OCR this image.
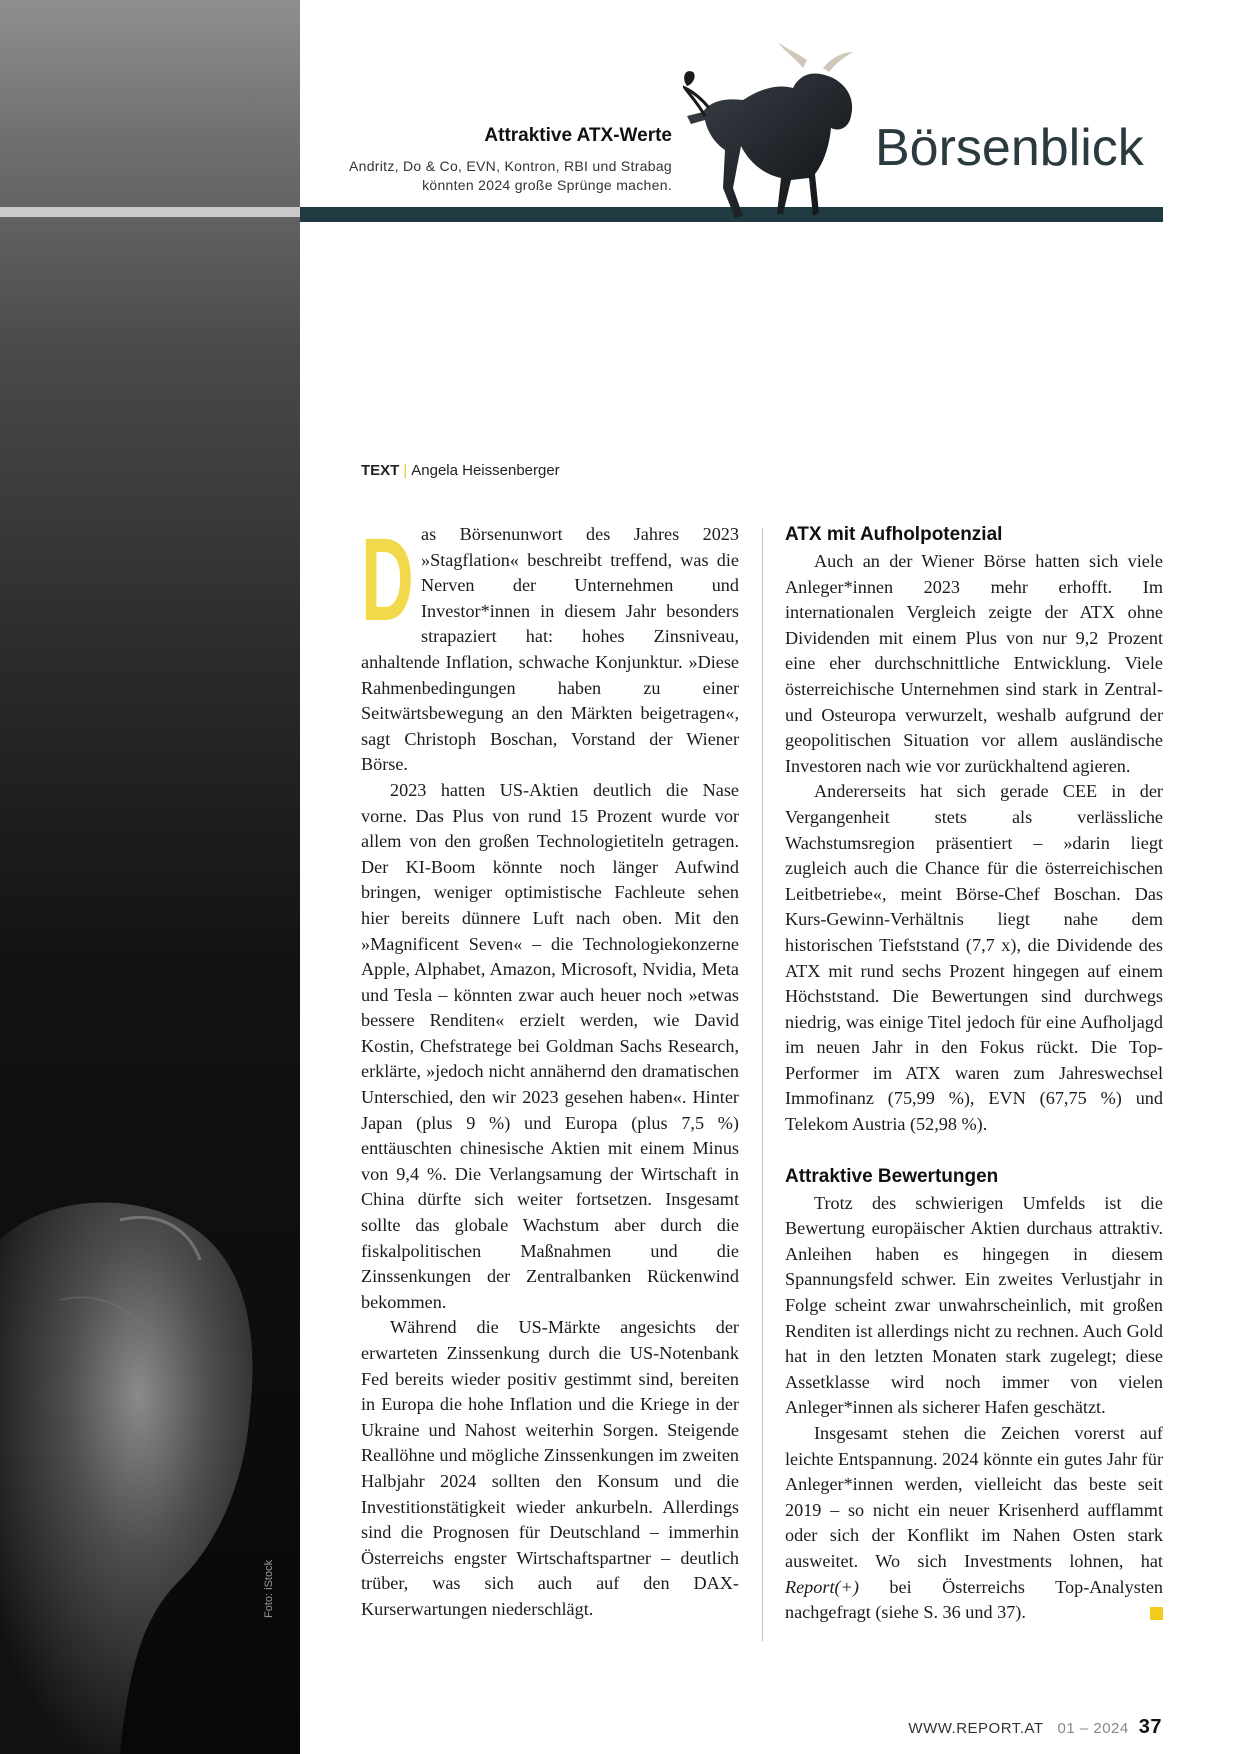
Foto: iStock
Attraktive ATX-Werte

Andritz, Do & Co, EVN, Kontron, RBI und Strabag

könnten 2024 große Sprünge machen.

Börsenblick
TEXT | Angela Heissenberger
D as Börsenunwort des Jahres 2023 »Stagflation« beschreibt treffend, was die Nerven der Unternehmen und Investor*innen in diesem Jahr besonders strapaziert hat: hohes Zinsniveau, anhaltende Inflation, schwache Konjunktur. »Diese Rahmenbedingungen haben zu einer Seitwärtsbewegung an den Märkten beigetragen«, sagt Christoph Boschan, Vorstand der Wiener Börse.

2023 hatten US-Aktien deutlich die Nase vorne. Das Plus von rund 15 Prozent wurde vor allem von den großen Technologietiteln getragen. Der KI-Boom könnte noch länger Aufwind bringen, weniger optimistische Fachleute sehen hier bereits dünnere Luft nach oben. Mit den »Magnificent Seven« – die Technologiekonzerne Apple, Alphabet, Amazon, Microsoft, Nvidia, Meta und Tesla – könnten zwar auch heuer noch »etwas bessere Renditen« erzielt werden, wie David Kostin, Chefstratege bei Goldman Sachs Research, erklärte, »jedoch nicht annähernd den dramatischen Unterschied, den wir 2023 gesehen haben«. Hinter Japan (plus 9 %) und Europa (plus 7,5 %) enttäuschten chinesische Aktien mit einem Minus von 9,4 %. Die Verlangsamung der Wirtschaft in China dürfte sich weiter fortsetzen. Insgesamt sollte das globale Wachstum aber durch die fiskalpolitischen Maßnahmen und die Zinssenkungen der Zentralbanken Rückenwind bekommen.

Während die US-Märkte angesichts der erwarteten Zinssenkung durch die US-Notenbank Fed bereits wieder positiv gestimmt sind, bereiten in Europa die hohe Inflation und die Kriege in der Ukraine und Nahost weiterhin Sorgen. Steigende Reallöhne und mögliche Zinssenkungen im zweiten Halbjahr 2024 sollten den Konsum und die Investitionstätigkeit wieder ankurbeln. Allerdings sind die Prognosen für Deutschland – immerhin Österreichs engster Wirtschaftspartner – deutlich trüber, was sich auch auf den DAX-Kurserwartungen niederschlägt.

ATX mit Aufholpotenzial

Auch an der Wiener Börse hatten sich viele Anleger*innen 2023 mehr erhofft. Im internationalen Vergleich zeigte der ATX ohne Dividenden mit einem Plus von nur 9,2 Prozent eine eher durchschnittliche Entwicklung. Viele österreichische Unternehmen sind stark in Zentral- und Osteuropa verwurzelt, weshalb aufgrund der geopolitischen Situation vor allem ausländische Investoren nach wie vor zurückhaltend agieren.

Andererseits hat sich gerade CEE in der Vergangenheit stets als verlässliche Wachstumsregion präsentiert – »darin liegt zugleich auch die Chance für die österreichischen Leitbetriebe«, meint Börse-Chef Boschan. Das Kurs-Gewinn-Verhältnis liegt nahe dem historischen Tiefststand (7,7 x), die Dividende des ATX mit rund sechs Prozent hingegen auf einem Höchststand. Die Bewertungen sind durchwegs niedrig, was einige Titel jedoch für eine Aufholjagd im neuen Jahr in den Fokus rückt. Die Top-Performer im ATX waren zum Jahreswechsel Immofinanz (75,99 %), EVN (67,75 %) und Telekom Austria (52,98 %).

Attraktive Bewertungen

Trotz des schwierigen Umfelds ist die Bewertung europäischer Aktien durchaus attraktiv. Anleihen haben es hingegen in diesem Spannungsfeld schwer. Ein zweites Verlustjahr in Folge scheint zwar unwahrscheinlich, mit großen Renditen ist allerdings nicht zu rechnen. Auch Gold hat in den letzten Monaten stark zugelegt; diese Assetklasse wird noch immer von vielen Anleger*innen als sicherer Hafen geschätzt.

Insgesamt stehen die Zeichen vorerst auf leichte Entspannung. 2024 könnte ein gutes Jahr für Anleger*innen werden, vielleicht das beste seit 2019 – so nicht ein neuer Krisenherd aufflammt oder sich der Konflikt im Nahen Osten stark ausweitet. Wo sich Investments lohnen, hat Report(+) bei Österreichs Top-Analysten nachgefragt (siehe S. 36 und 37).

WWW.REPORT.AT 01 – 2024 37
